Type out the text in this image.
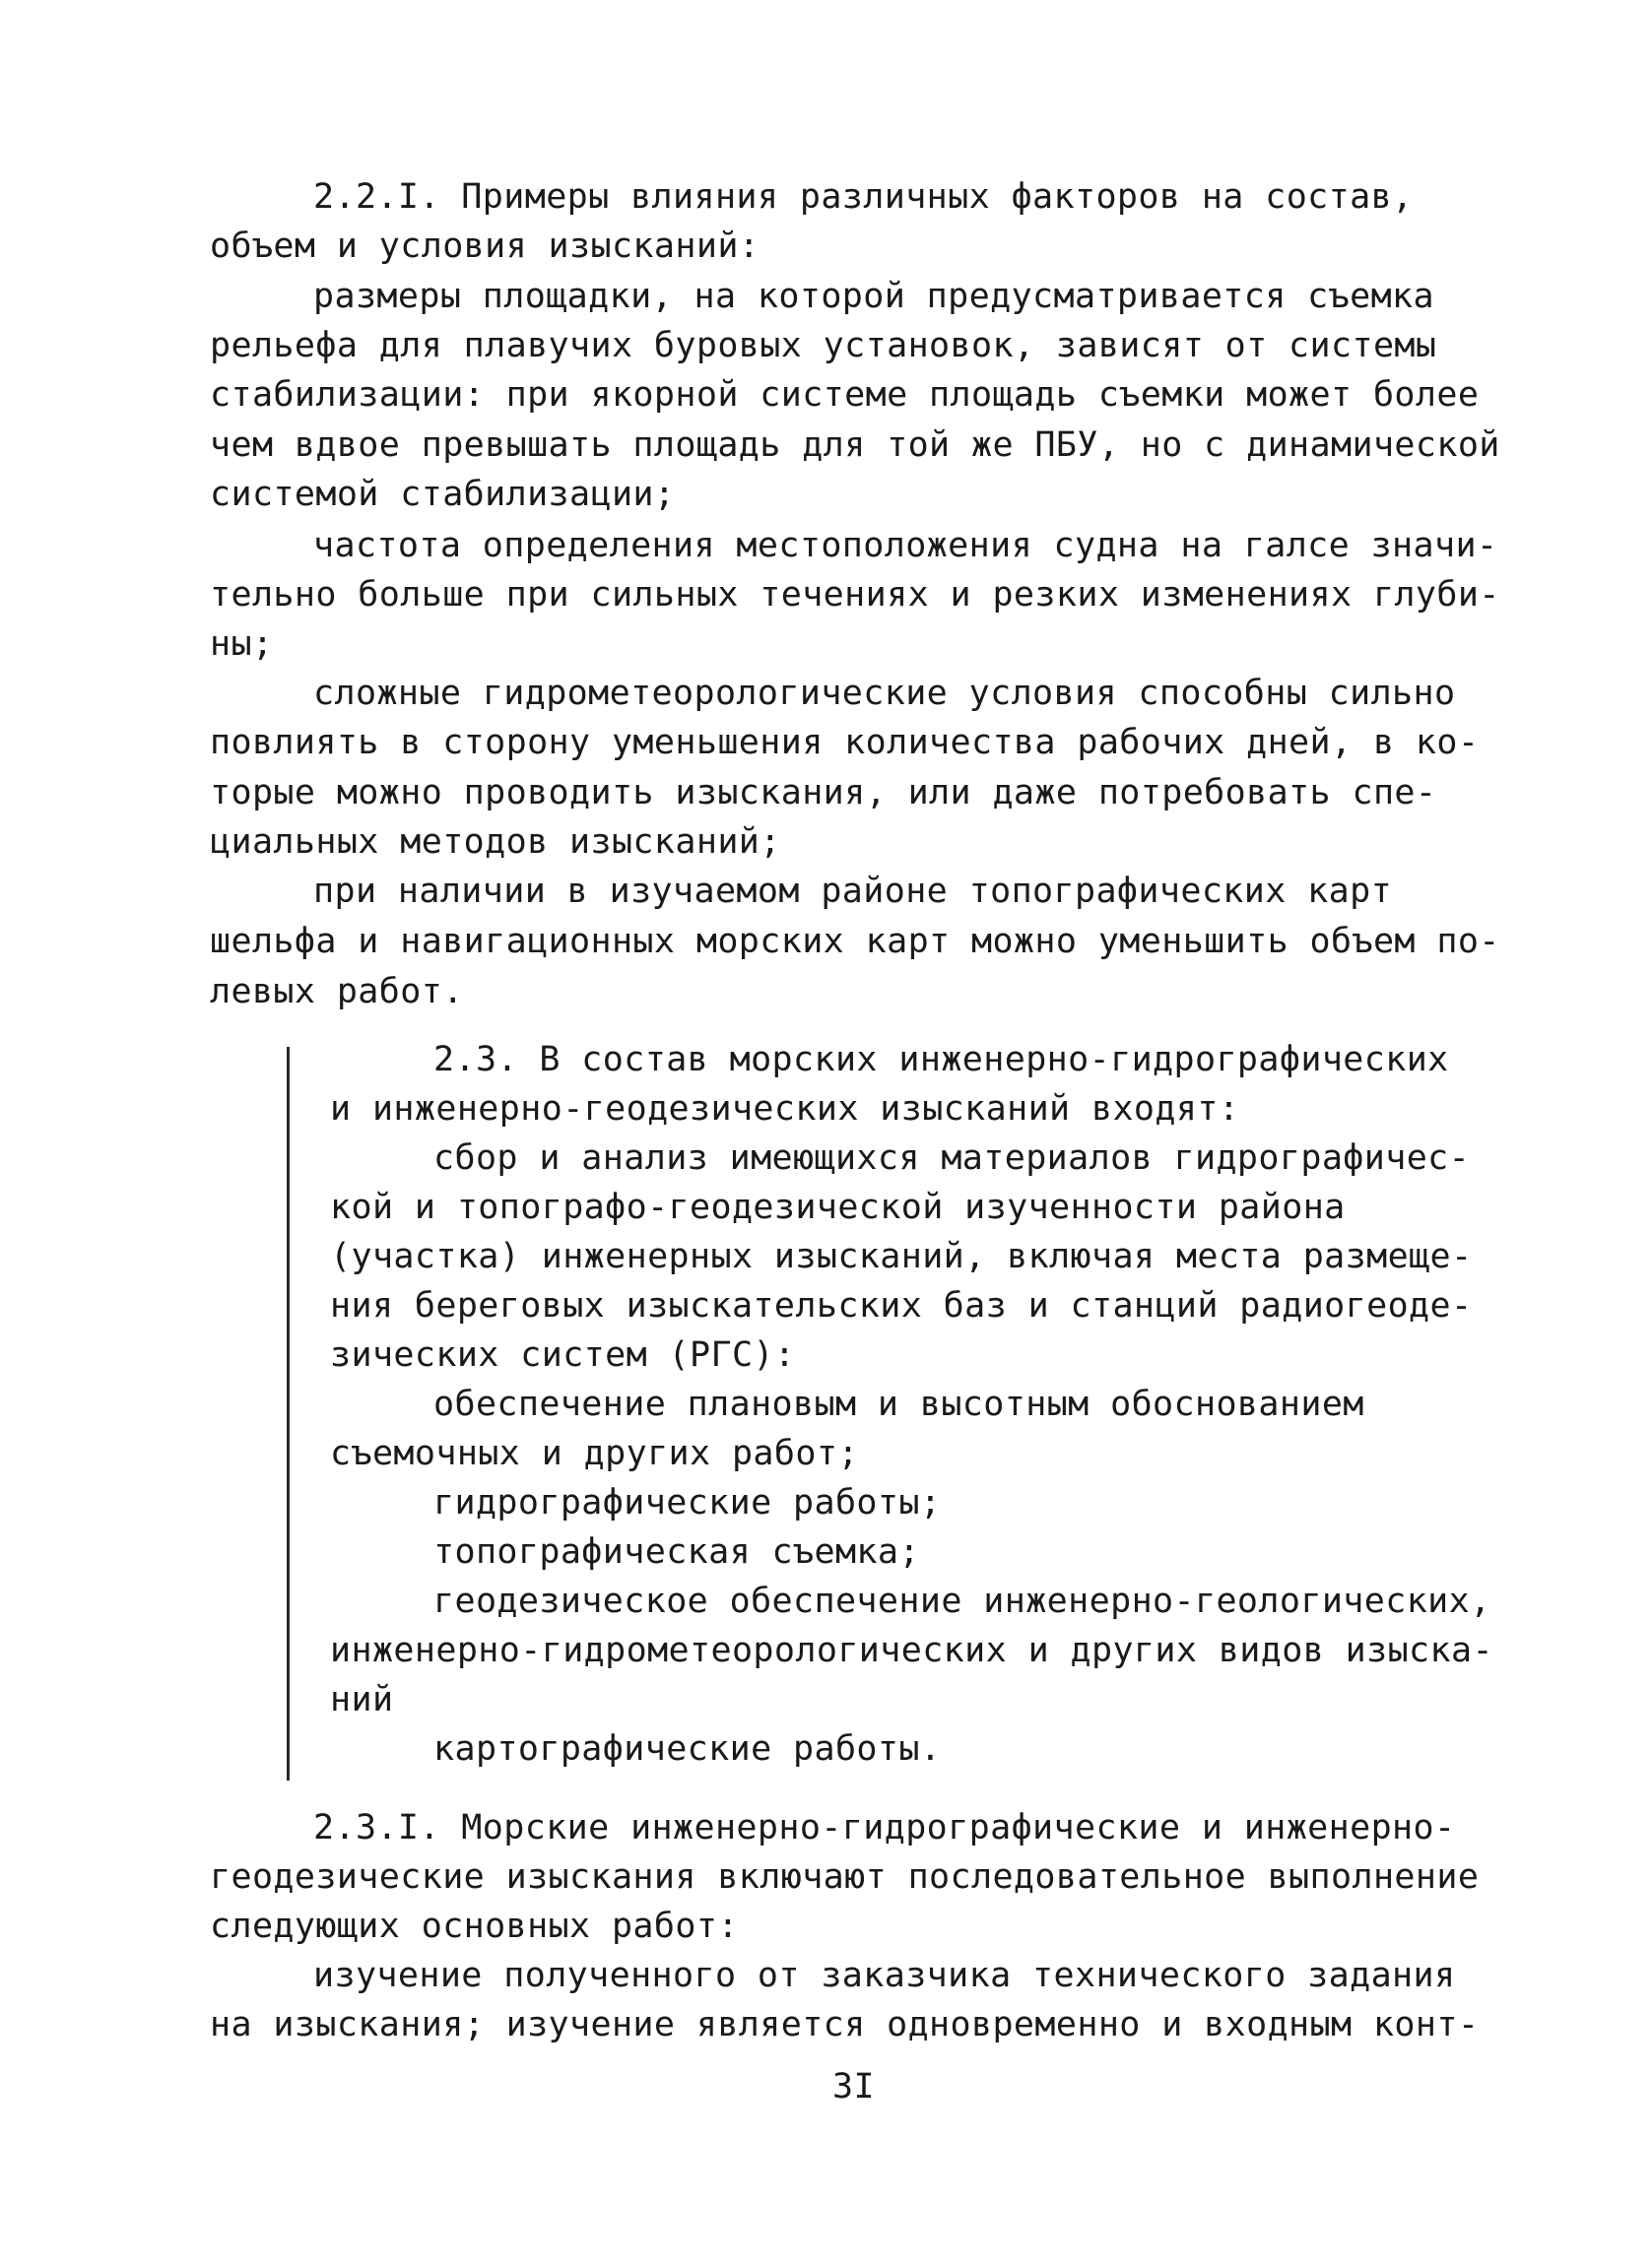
2.2.I. Примеры влияния различных факторов на состав,
объем и условия изысканий:
размеры площадки, на которой предусматривается съемка
рельефа для плавучих буровых установок, зависят от системы
стабилизации: при якорной системе площадь съемки может более
чем вдвое превышать площадь для той же ПБУ, но с динамической
системой стабилизации;
частота определения местоположения судна на галсе значи-
тельно больше при сильных течениях и резких изменениях глуби-
ны;
сложные гидрометеорологические условия способны сильно
повлиять в сторону уменьшения количества рабочих дней, в ко-
торые можно проводить изыскания, или даже потребовать спе-
циальных методов изысканий;
при наличии в изучаемом районе топографических карт
шельфа и навигационных морских карт можно уменьшить объем по-
левых работ.
2.3. В состав морских инженерно-гидрографических
и инженерно-геодезических изысканий входят:
сбор и анализ имеющихся материалов гидрографичес-
кой и топографо-геодезической изученности района
(участка) инженерных изысканий, включая места размеще-
ния береговых изыскательских баз и станций радиогеоде-
зических систем (РГС):
обеспечение плановым и высотным обоснованием
съемочных и других работ;
гидрографические работы;
топографическая съемка;
геодезическое обеспечение инженерно-геологических,
инженерно-гидрометеорологических и других видов изыска-
ний
картографические работы.
2.3.I. Морские инженерно-гидрографические и инженерно-
геодезические изыскания включают последовательное выполнение
следующих основных работ:
изучение полученного от заказчика технического задания
на изыскания; изучение является одновременно и входным конт-
3I
